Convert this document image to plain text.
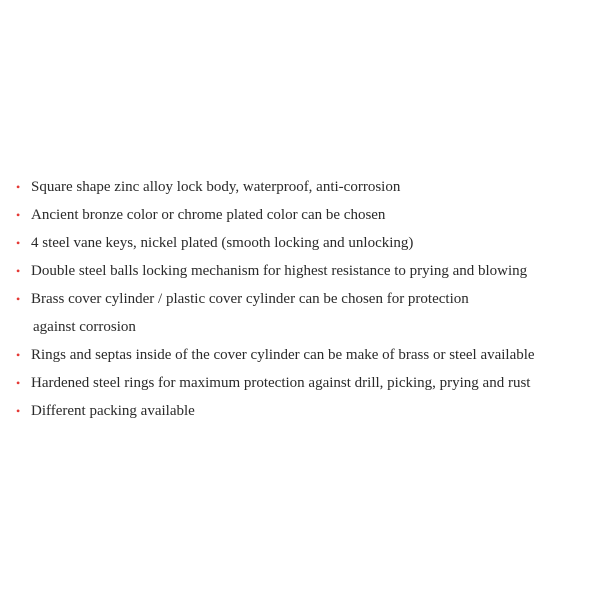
• Square shape zinc alloy lock body, waterproof, anti-corrosion
• Ancient bronze color or chrome plated color can be chosen
• 4 steel vane keys, nickel plated (smooth locking and unlocking)
• Double steel balls locking mechanism for highest resistance to prying and blowing
• Brass cover cylinder / plastic cover cylinder can be chosen for protection
against corrosion
• Rings and septas inside of the cover cylinder can be make of brass or steel available
• Hardened steel rings for maximum protection against drill, picking, prying and rust
• Different packing available
